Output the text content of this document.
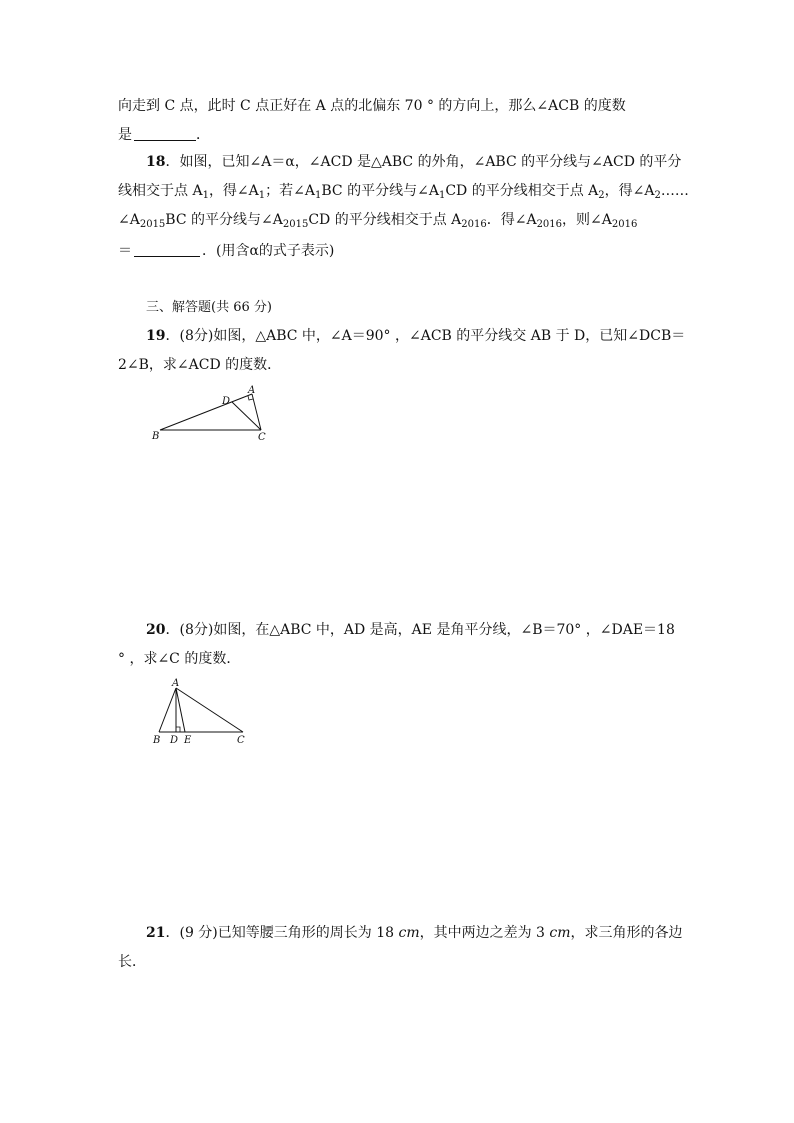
向走到 C 点，此时 C 点正好在 A 点的北偏东 70 ° 的方向上，那么∠ACB 的度数
是	．
18．如图，已知∠A＝α，∠ACD 是△ABC 的外角，∠ABC 的平分线与∠ACD 的平分
线相交于点 $A_1$，得$\angle A_1$；若$\angle A_1BC$ 的平分线与$\angle A_1CD$ 的平分线相交于点 $A_2$，得$\angle A_2\dots\dots$
$\angle A_{2015}BC$ 的平分线与$\angle A_{2015}CD$ 的平分线相交于点 $A_{2016}$．得$\angle A_{2016}$，则$\angle A_{2016}$
＝	．(用含α的式子表示)
三、解答题(共 66 分)
19．(8分)如图，△ABC 中，∠A＝90° ，∠ACB 的平分线交 AB 于 D，已知∠DCB＝
2∠B，求∠ACD 的度数．
A
D
B	C
20．(8分)如图，在△ABC 中，AD 是高，AE 是角平分线，∠B＝70° ，∠DAE＝18
° ，求∠C 的度数．
A
B D E	C
21．(9 分)已知等腰三角形的周长为 18 cm，其中两边之差为 3 cm，求三角形的各边
长．
